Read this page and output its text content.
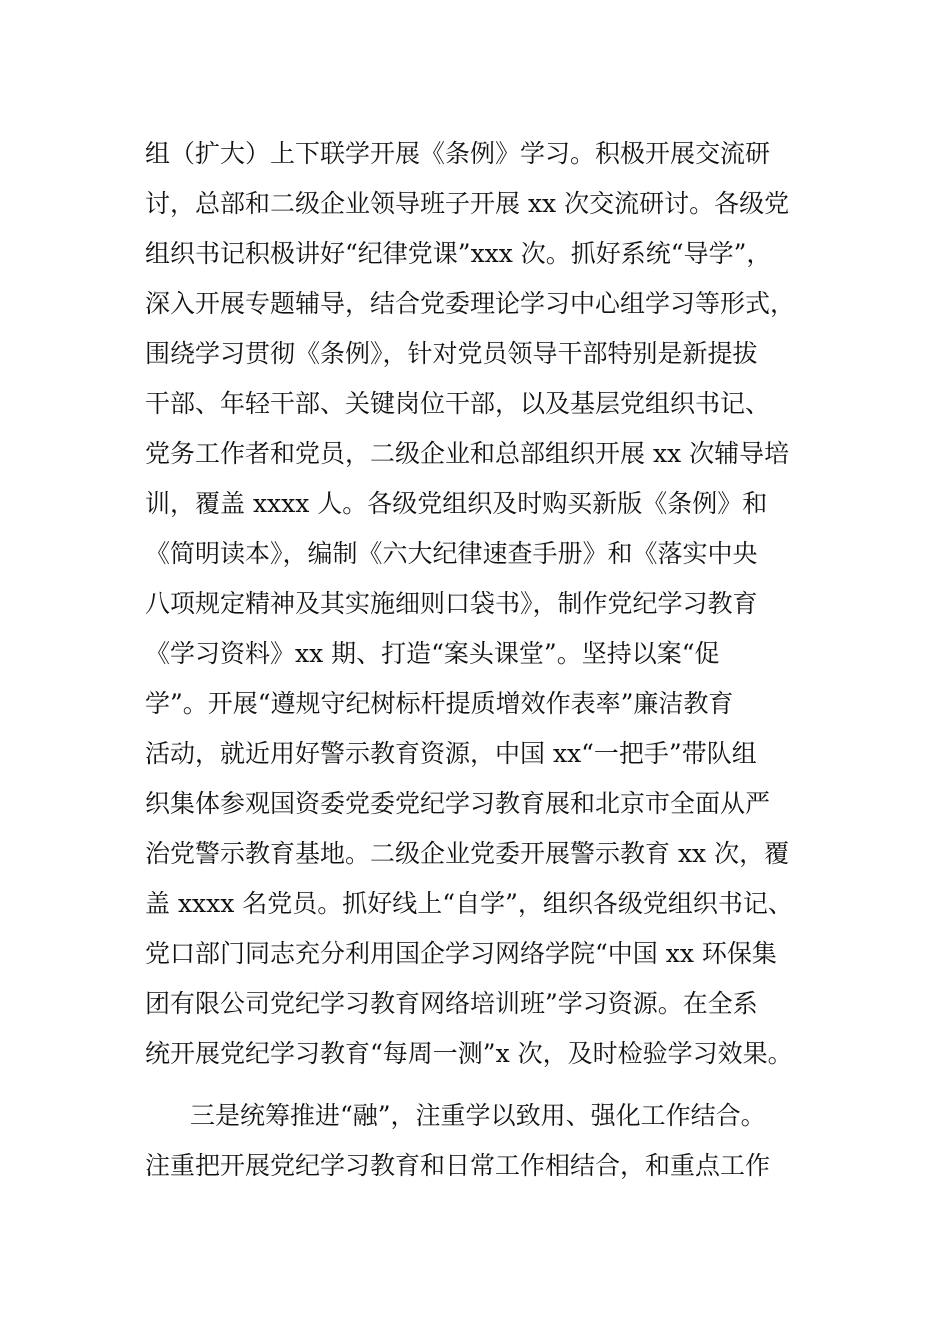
组（扩大）上下联学开展《条例》学习。积极开展交流研
讨，总部和二级企业领导班子开展 xx 次交流研讨。各级党
组织书记积极讲好“纪律党课”xxx 次。抓好系统“导学”，
深入开展专题辅导，结合党委理论学习中心组学习等形式，
围绕学习贯彻《条例》，针对党员领导干部特别是新提拔
干部、年轻干部、关键岗位干部，以及基层党组织书记、
党务工作者和党员，二级企业和总部组织开展 xx 次辅导培
训，覆盖 xxxx 人。各级党组织及时购买新版《条例》和
《简明读本》，编制《六大纪律速查手册》和《落实中央
八项规定精神及其实施细则口袋书》，制作党纪学习教育
《学习资料》xx 期、打造“案头课堂”。坚持以案“促
学”。开展“遵规守纪树标杆提质增效作表率”廉洁教育
活动，就近用好警示教育资源，中国 xx“一把手”带队组
织集体参观国资委党委党纪学习教育展和北京市全面从严
治党警示教育基地。二级企业党委开展警示教育 xx 次，覆
盖 xxxx 名党员。抓好线上“自学”，组织各级党组织书记、
党口部门同志充分利用国企学习网络学院“中国 xx 环保集
团有限公司党纪学习教育网络培训班”学习资源。在全系
统开展党纪学习教育“每周一测”x 次，及时检验学习效果。
三是统筹推进“融”，注重学以致用、强化工作结合。
注重把开展党纪学习教育和日常工作相结合，和重点工作
